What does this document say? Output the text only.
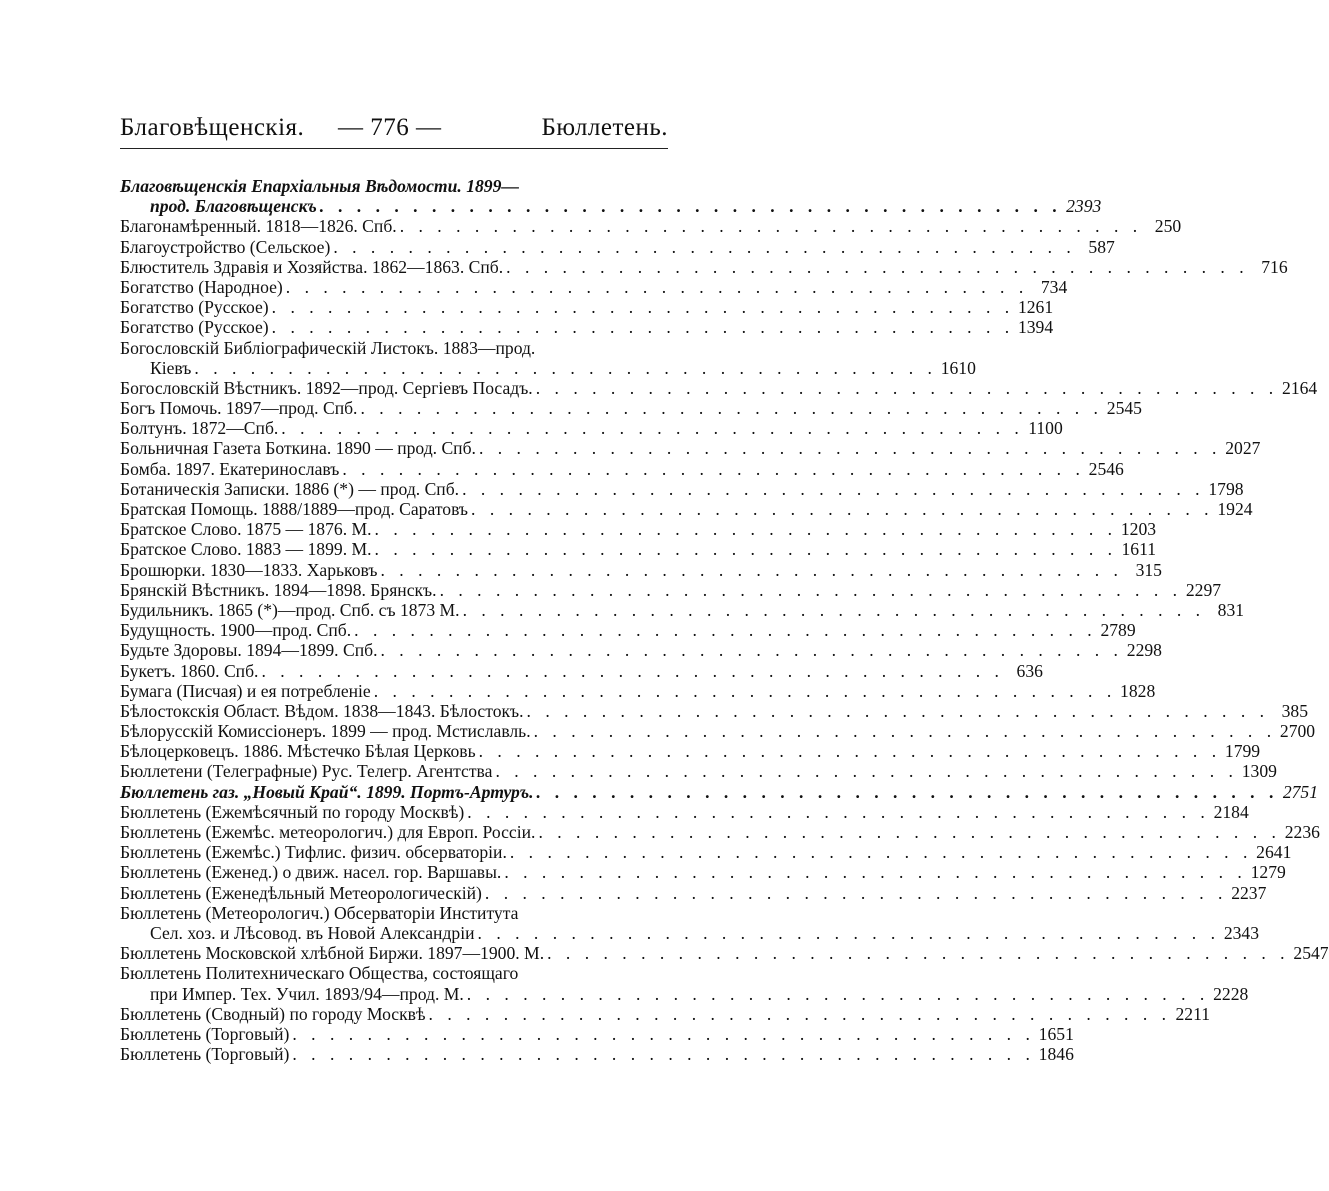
Благовѣщенскія. — 776 —	Бюллетень.
Благовѣщенскія Епархіальныя Вѣдомости. 1899—
прод. Благовѣщенскъ . . . . . . . . . . . . . . . . . . . . . . . . . . . . . . . . . . . . . . . . 2393
Благонамѣренный. 1818—1826. Спб. . . . . . . . . . . . . . . . . . . . . . . . . . . . . . . . . . . . . . . . . 250
Благоустройство (Сельское) . . . . . . . . . . . . . . . . . . . . . . . . . . . . . . . . . . . . . . . . 587
Блюститель Здравія и Хозяйства. 1862—1863. Спб. . . . . . . . . . . . . . . . . . . . . . . . . . . . . . . . . . . . . . . . . 716
Богатство (Народное) . . . . . . . . . . . . . . . . . . . . . . . . . . . . . . . . . . . . . . . . 734
Богатство (Русское) . . . . . . . . . . . . . . . . . . . . . . . . . . . . . . . . . . . . . . . . 1261
Богатство (Русское) . . . . . . . . . . . . . . . . . . . . . . . . . . . . . . . . . . . . . . . . 1394
Богословскій Библіографическій Листокъ. 1883—прод.
Кіевъ . . . . . . . . . . . . . . . . . . . . . . . . . . . . . . . . . . . . . . . . 1610
Богословскій Вѣстникъ. 1892—прод. Сергіевъ Посадъ. . . . . . . . . . . . . . . . . . . . . . . . . . . . . . . . . . . . . . . . . 2164
Богъ Помочь. 1897—прод. Спб. . . . . . . . . . . . . . . . . . . . . . . . . . . . . . . . . . . . . . . . . 2545
Болтунъ. 1872—Спб. . . . . . . . . . . . . . . . . . . . . . . . . . . . . . . . . . . . . . . . . 1100
Больничная Газета Боткина. 1890 — прод. Спб. . . . . . . . . . . . . . . . . . . . . . . . . . . . . . . . . . . . . . . . . 2027
Бомба. 1897. Екатеринославъ . . . . . . . . . . . . . . . . . . . . . . . . . . . . . . . . . . . . . . . . 2546
Ботаническія Записки. 1886 (*) — прод. Спб. . . . . . . . . . . . . . . . . . . . . . . . . . . . . . . . . . . . . . . . . 1798
Братская Помощь. 1888/1889—прод. Саратовъ . . . . . . . . . . . . . . . . . . . . . . . . . . . . . . . . . . . . . . . . 1924
Братское Слово. 1875 — 1876. М. . . . . . . . . . . . . . . . . . . . . . . . . . . . . . . . . . . . . . . . . 1203
Братское Слово. 1883 — 1899. М. . . . . . . . . . . . . . . . . . . . . . . . . . . . . . . . . . . . . . . . . 1611
Брошюрки. 1830—1833. Харьковъ . . . . . . . . . . . . . . . . . . . . . . . . . . . . . . . . . . . . . . . . 315
Брянскій Вѣстникъ. 1894—1898. Брянскъ. . . . . . . . . . . . . . . . . . . . . . . . . . . . . . . . . . . . . . . . . 2297
Будильникъ. 1865 (*)—прод. Спб. съ 1873 М. . . . . . . . . . . . . . . . . . . . . . . . . . . . . . . . . . . . . . . . . 831
Будущность. 1900—прод. Спб. . . . . . . . . . . . . . . . . . . . . . . . . . . . . . . . . . . . . . . . . 2789
Будьте Здоровы. 1894—1899. Спб. . . . . . . . . . . . . . . . . . . . . . . . . . . . . . . . . . . . . . . . . 2298
Букетъ. 1860. Спб. . . . . . . . . . . . . . . . . . . . . . . . . . . . . . . . . . . . . . . . . 636
Бумага (Писчая) и ея потребленіе . . . . . . . . . . . . . . . . . . . . . . . . . . . . . . . . . . . . . . . . 1828
Бѣлостокскія Област. Вѣдом. 1838—1843. Бѣлостокъ. . . . . . . . . . . . . . . . . . . . . . . . . . . . . . . . . . . . . . . . . 385
Бѣлорусскій Комиссіонеръ. 1899 — прод. Мстиславль. . . . . . . . . . . . . . . . . . . . . . . . . . . . . . . . . . . . . . . . . 2700
Бѣлоцерковецъ. 1886. Мѣстечко Бѣлая Церковь . . . . . . . . . . . . . . . . . . . . . . . . . . . . . . . . . . . . . . . . 1799
Бюллетени (Телеграфные) Рус. Телегр. Агентства . . . . . . . . . . . . . . . . . . . . . . . . . . . . . . . . . . . . . . . . 1309
Бюллетень газ. „Новый Край“. 1899. Портъ-Артуръ. . . . . . . . . . . . . . . . . . . . . . . . . . . . . . . . . . . . . . . . . 2751
Бюллетень (Ежемѣсячный по городу Москвѣ) . . . . . . . . . . . . . . . . . . . . . . . . . . . . . . . . . . . . . . . . 2184
Бюллетень (Ежемѣс. метеорологич.) для Европ. Россіи. . . . . . . . . . . . . . . . . . . . . . . . . . . . . . . . . . . . . . . . . 2236
Бюллетень (Ежемѣс.) Тифлис. физич. обсерваторіи. . . . . . . . . . . . . . . . . . . . . . . . . . . . . . . . . . . . . . . . . 2641
Бюллетень (Еженед.) о движ. насел. гор. Варшавы. . . . . . . . . . . . . . . . . . . . . . . . . . . . . . . . . . . . . . . . . 1279
Бюллетень (Еженедѣльный Метеорологическій) . . . . . . . . . . . . . . . . . . . . . . . . . . . . . . . . . . . . . . . . 2237
Бюллетень (Метеорологич.) Обсерваторіи Института
Сел. хоз. и Лѣсовод. въ Новой Александріи . . . . . . . . . . . . . . . . . . . . . . . . . . . . . . . . . . . . . . . . 2343
Бюллетень Московской хлѣбной Биржи. 1897—1900. М. . . . . . . . . . . . . . . . . . . . . . . . . . . . . . . . . . . . . . . . . 2547
Бюллетень Политехническаго Общества, состоящаго
при Импер. Тех. Учил. 1893/94—прод. М. . . . . . . . . . . . . . . . . . . . . . . . . . . . . . . . . . . . . . . . . 2228
Бюллетень (Сводный) по городу Москвѣ . . . . . . . . . . . . . . . . . . . . . . . . . . . . . . . . . . . . . . . . 2211
Бюллетень (Торговый) . . . . . . . . . . . . . . . . . . . . . . . . . . . . . . . . . . . . . . . . 1651
Бюллетень (Торговый) . . . . . . . . . . . . . . . . . . . . . . . . . . . . . . . . . . . . . . . . 1846
